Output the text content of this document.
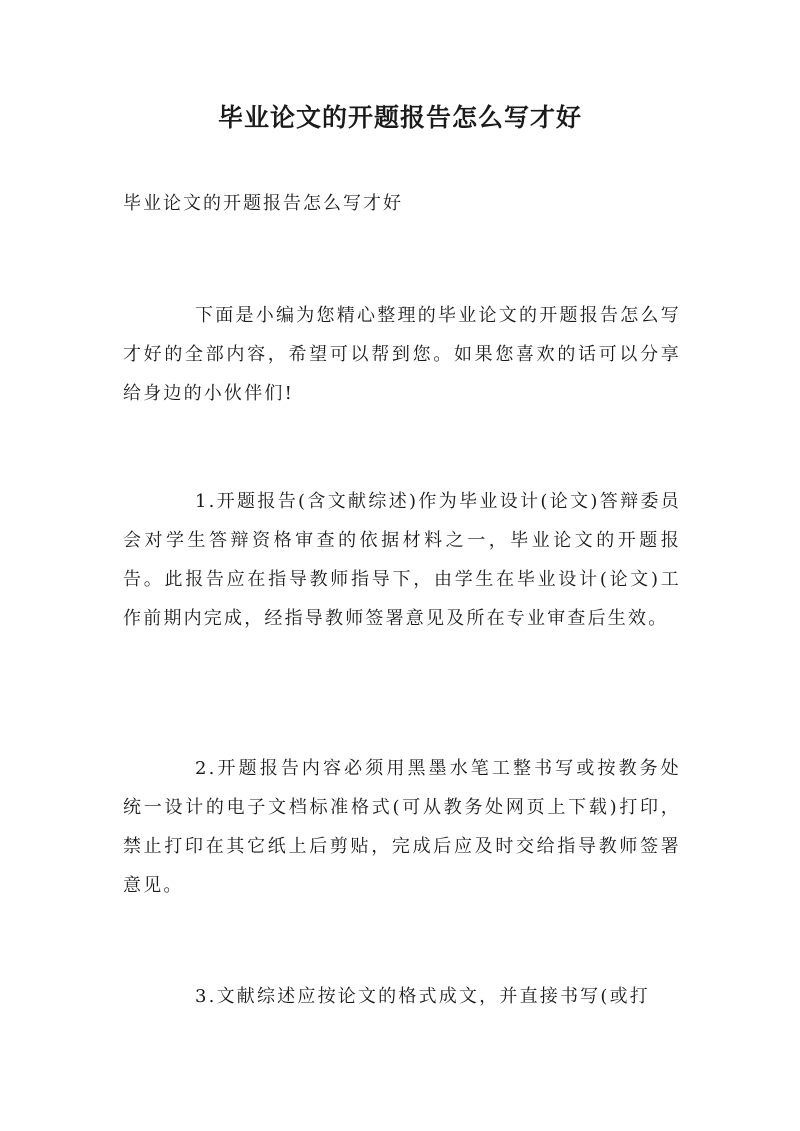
毕业论文的开题报告怎么写才好

毕业论文的开题报告怎么写才好

下面是小编为您精心整理的毕业论文的开题报告怎么写才好的全部内容，希望可以帮到您。如果您喜欢的话可以分享给身边的小伙伴们!

1.开题报告(含文献综述)作为毕业设计(论文)答辩委员会对学生答辩资格审查的依据材料之一，毕业论文的开题报告。此报告应在指导教师指导下，由学生在毕业设计(论文)工作前期内完成，经指导教师签署意见及所在专业审查后生效。

2.开题报告内容必须用黑墨水笔工整书写或按教务处统一设计的电子文档标准格式(可从教务处网页上下载)打印，禁止打印在其它纸上后剪贴，完成后应及时交给指导教师签署意见。

3.文献综述应按论文的格式成文，并直接书写(或打
